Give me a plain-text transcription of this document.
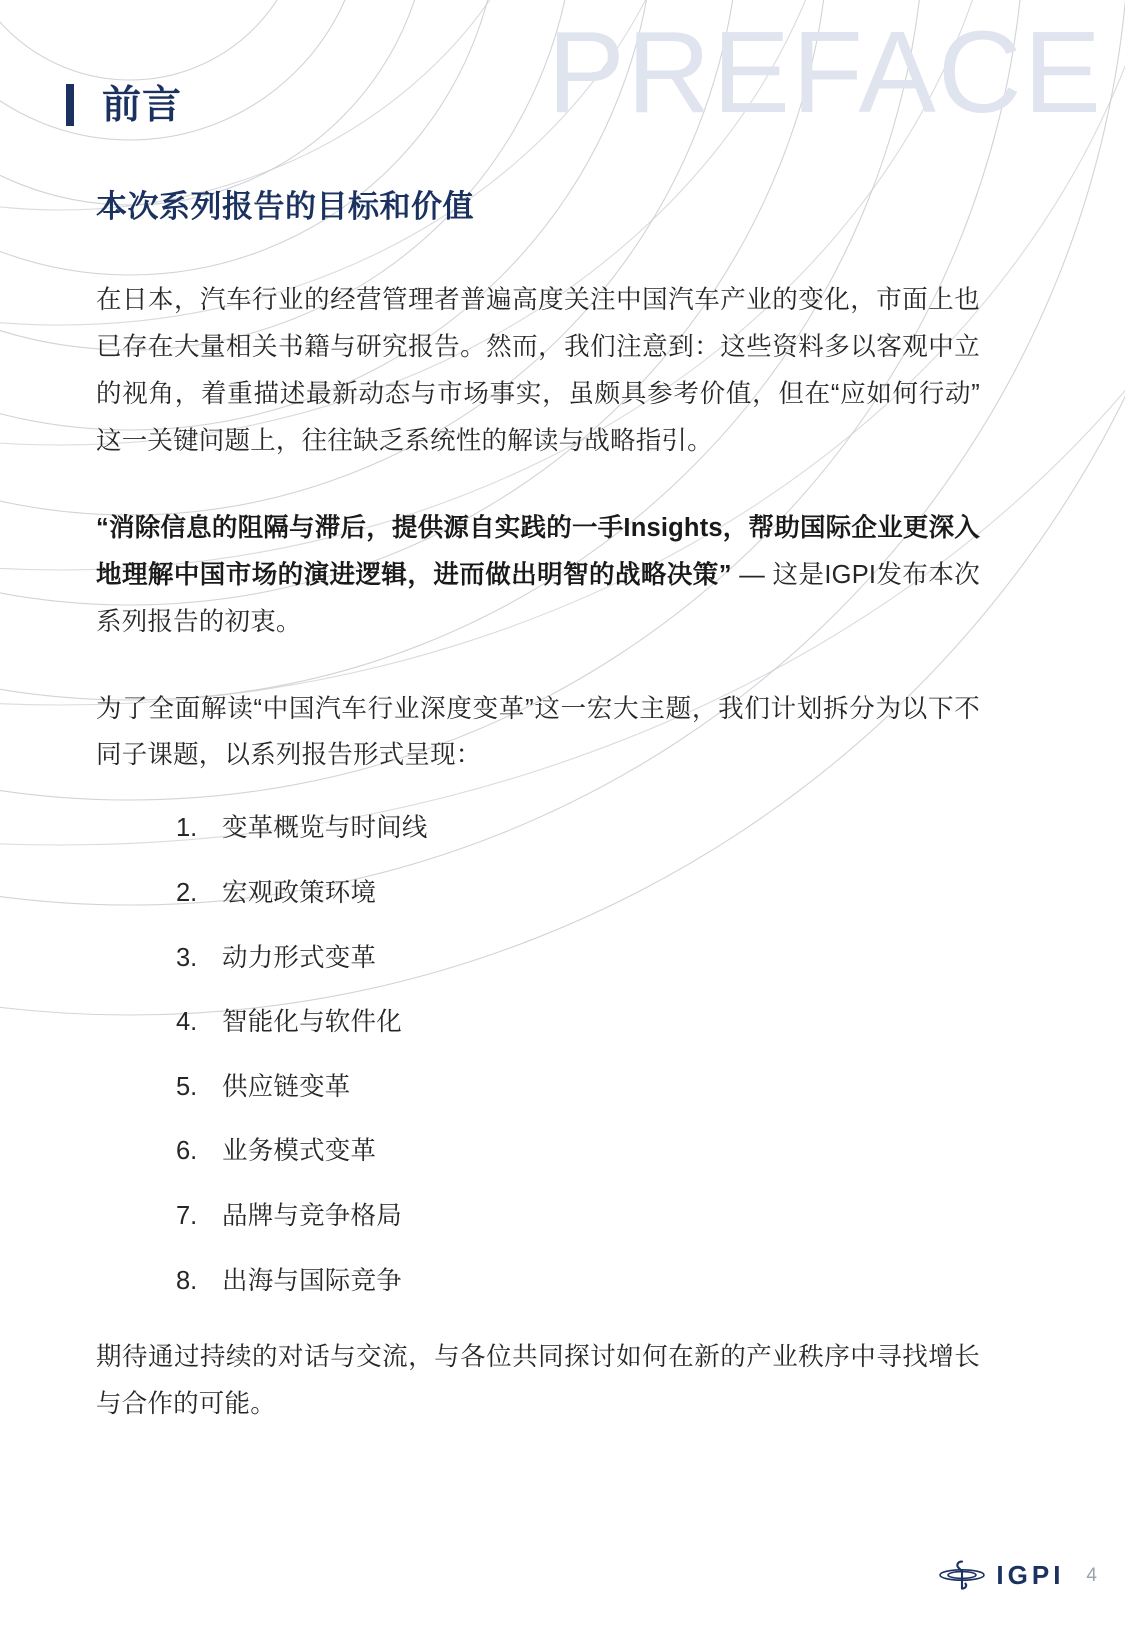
PREFACE
前言
本次系列报告的目标和价值

在日本，汽车行业的经营管理者普遍高度关注中国汽车产业的变化，市面上也已存在大量相关书籍与研究报告。然而，我们注意到：这些资料多以客观中立的视角，着重描述最新动态与市场事实，虽颇具参考价值，但在“应如何行动”这一关键问题上，往往缺乏系统性的解读与战略指引。

“消除信息的阻隔与滞后，提供源自实践的一手Insights，帮助国际企业更深入地理解中国市场的演进逻辑，进而做出明智的战略决策” — 这是IGPI发布本次系列报告的初衷。

为了全面解读“中国汽车行业深度变革”这一宏大主题，我们计划拆分为以下不同子课题，以系列报告形式呈现：

1. 变革概览与时间线
2. 宏观政策环境
3. 动力形式变革
4. 智能化与软件化
5. 供应链变革
6. 业务模式变革
7. 品牌与竞争格局
8. 出海与国际竞争

期待通过持续的对话与交流，与各位共同探讨如何在新的产业秩序中寻找增长与合作的可能。

IGPI 4
